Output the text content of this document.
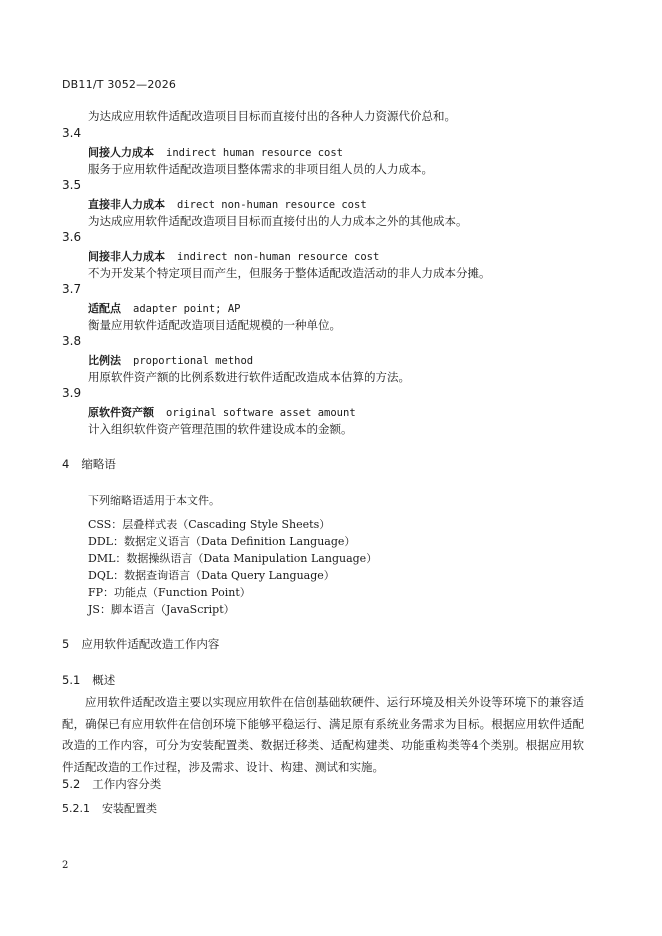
DB11/T 3052—2026
为达成应用软件适配改造项目目标而直接付出的各种人力资源代价总和。
3.4
间接人力成本 indirect human resource cost
服务于应用软件适配改造项目整体需求的非项目组人员的人力成本。
3.5
直接非人力成本 direct non-human resource cost
为达成应用软件适配改造项目目标而直接付出的人力成本之外的其他成本。
3.6
间接非人力成本 indirect non-human resource cost
不为开发某个特定项目而产生，但服务于整体适配改造活动的非人力成本分摊。
3.7
适配点 adapter point; AP
衡量应用软件适配改造项目适配规模的一种单位。
3.8
比例法 proportional method
用原软件资产额的比例系数进行软件适配改造成本估算的方法。
3.9
原软件资产额 original software asset amount
计入组织软件资产管理范围的软件建设成本的金额。
4 缩略语
下列缩略语适用于本文件。
CSS：层叠样式表（Cascading Style Sheets）
DDL：数据定义语言（Data Definition Language）
DML：数据操纵语言（Data Manipulation Language）
DQL：数据查询语言（Data Query Language）
FP：功能点（Function Point）
JS：脚本语言（JavaScript）
5 应用软件适配改造工作内容
5.1 概述
应用软件适配改造主要以实现应用软件在信创基础软硬件、运行环境及相关外设等环境下的兼容适配，确保已有应用软件在信创环境下能够平稳运行、满足原有系统业务需求为目标。根据应用软件适配改造的工作内容，可分为安装配置类、数据迁移类、适配构建类、功能重构类等4个类别。根据应用软件适配改造的工作过程，涉及需求、设计、构建、测试和实施。
5.2 工作内容分类
5.2.1 安装配置类
2
